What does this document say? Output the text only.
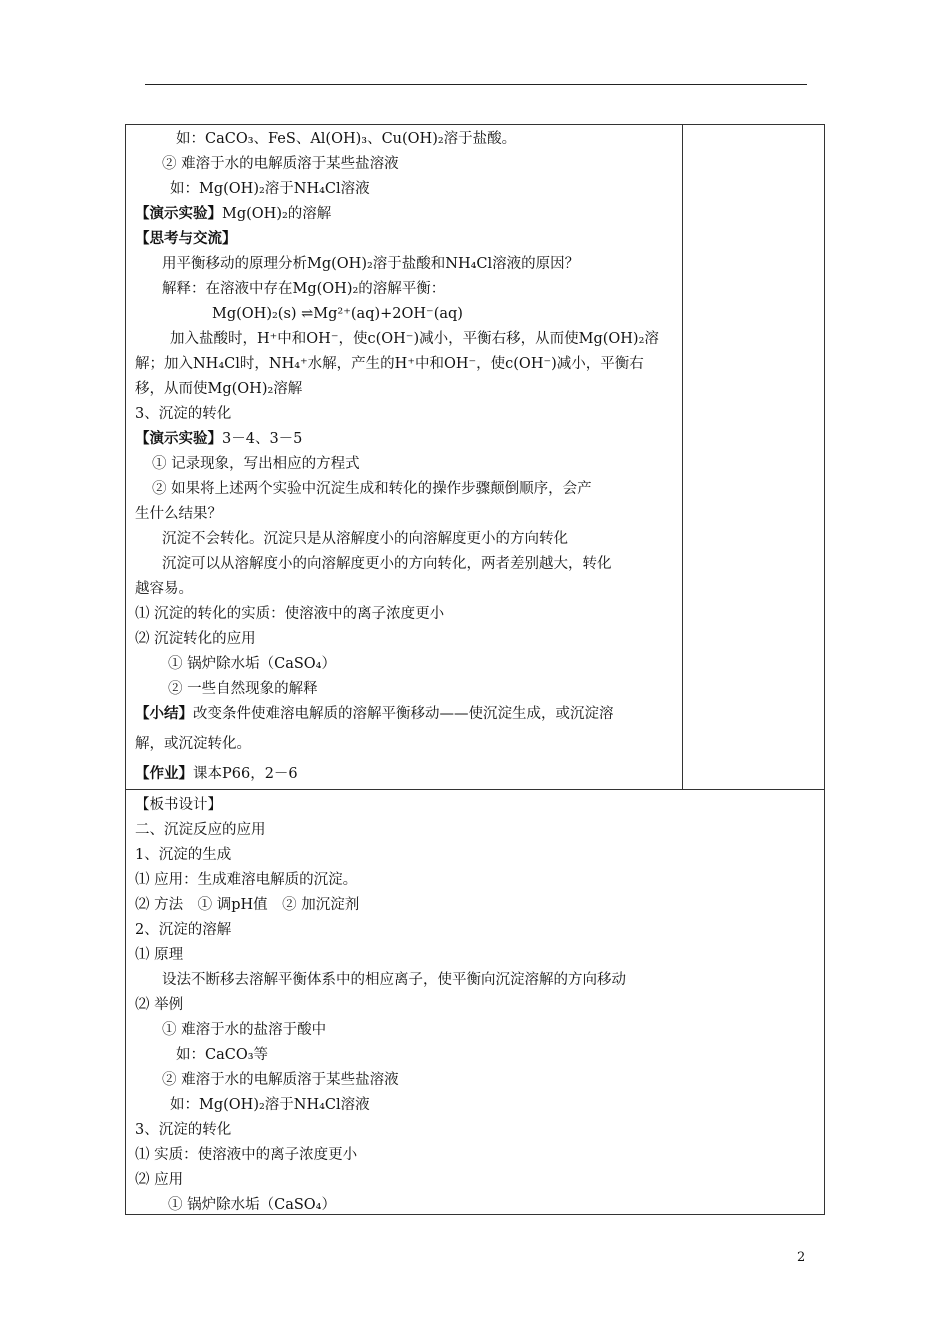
如：CaCO₃、FeS、Al(OH)₃、Cu(OH)₂溶于盐酸。
② 难溶于水的电解质溶于某些盐溶液
如：Mg(OH)₂溶于NH₄Cl溶液
【演示实验】Mg(OH)₂的溶解
【思考与交流】
用平衡移动的原理分析Mg(OH)₂溶于盐酸和NH₄Cl溶液的原因？
解释：在溶液中存在Mg(OH)₂的溶解平衡：
Mg(OH)₂(s) ⇌Mg²⁺(aq)+2OH⁻(aq)
加入盐酸时，H⁺中和OH⁻，使c(OH⁻)减小，平衡右移，从而使Mg(OH)₂溶
解；加入NH₄Cl时，NH₄⁺水解，产生的H⁺中和OH⁻，使c(OH⁻)减小，平衡右
移，从而使Mg(OH)₂溶解
3、沉淀的转化
【演示实验】3－4、3－5
① 记录现象，写出相应的方程式
② 如果将上述两个实验中沉淀生成和转化的操作步骤颠倒顺序，会产
生什么结果？
沉淀不会转化。沉淀只是从溶解度小的向溶解度更小的方向转化
沉淀可以从溶解度小的向溶解度更小的方向转化，两者差别越大，转化
越容易。
⑴ 沉淀的转化的实质：使溶液中的离子浓度更小
⑵ 沉淀转化的应用
① 锅炉除水垢（CaSO₄）
② 一些自然现象的解释
【小结】改变条件使难溶电解质的溶解平衡移动——使沉淀生成，或沉淀溶
解，或沉淀转化。
【作业】课本P66，2－6
【板书设计】
二、沉淀反应的应用
1、沉淀的生成
⑴ 应用：生成难溶电解质的沉淀。
⑵ 方法　① 调pH值　② 加沉淀剂
2、沉淀的溶解
⑴ 原理
设法不断移去溶解平衡体系中的相应离子，使平衡向沉淀溶解的方向移动
⑵ 举例
① 难溶于水的盐溶于酸中
如：CaCO₃等
② 难溶于水的电解质溶于某些盐溶液
如：Mg(OH)₂溶于NH₄Cl溶液
3、沉淀的转化
⑴ 实质：使溶液中的离子浓度更小
⑵ 应用
① 锅炉除水垢（CaSO₄）
2
